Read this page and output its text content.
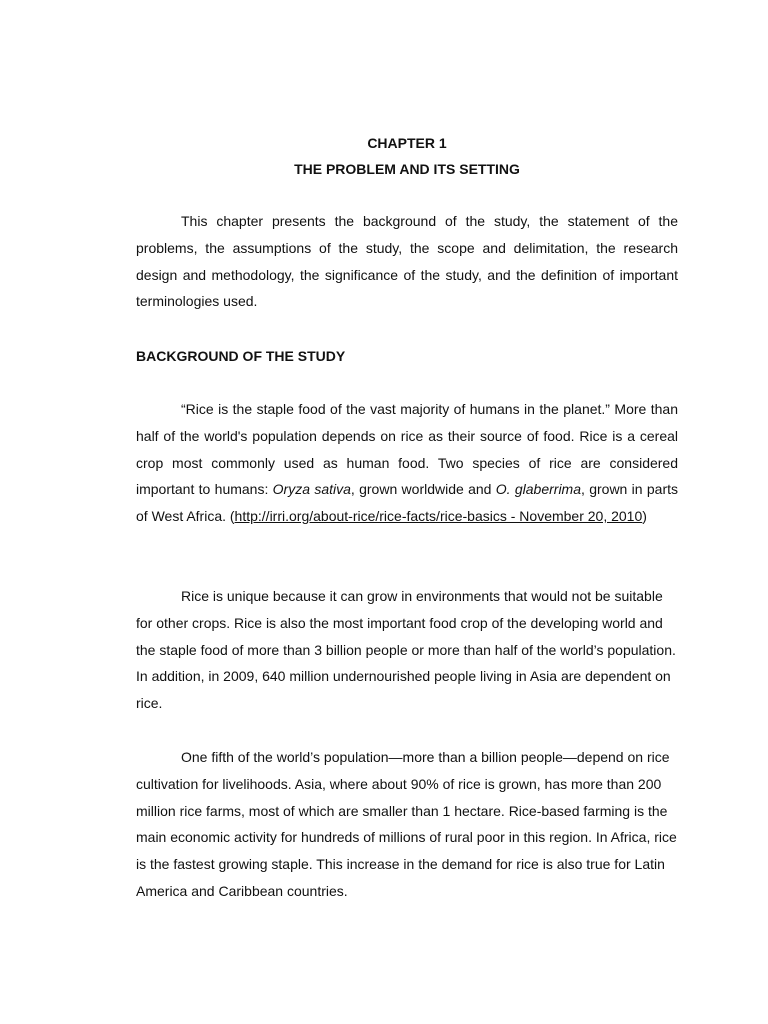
CHAPTER 1
THE PROBLEM AND ITS SETTING

This chapter presents the background of the study, the statement of the problems, the assumptions of the study, the scope and delimitation, the research design and methodology, the significance of the study, and the definition of important terminologies used.

BACKGROUND OF THE STUDY

“Rice is the staple food of the vast majority of humans in the planet.” More than half of the world's population depends on rice as their source of food. Rice is a cereal crop most commonly used as human food. Two species of rice are considered important to humans: Oryza sativa, grown worldwide and O. glaberrima, grown in parts of West Africa. (http://irri.org/about-rice/rice-facts/rice-basics - November 20, 2010)

Rice is unique because it can grow in environments that would not be suitable for other crops. Rice is also the most important food crop of the developing world and the staple food of more than 3 billion people or more than half of the world’s population. In addition, in 2009, 640 million undernourished people living in Asia are dependent on rice.

One fifth of the world’s population—more than a billion people—depend on rice cultivation for livelihoods. Asia, where about 90% of rice is grown, has more than 200 million rice farms, most of which are smaller than 1 hectare. Rice-based farming is the main economic activity for hundreds of millions of rural poor in this region. In Africa, rice is the fastest growing staple. This increase in the demand for rice is also true for Latin America and Caribbean countries.
